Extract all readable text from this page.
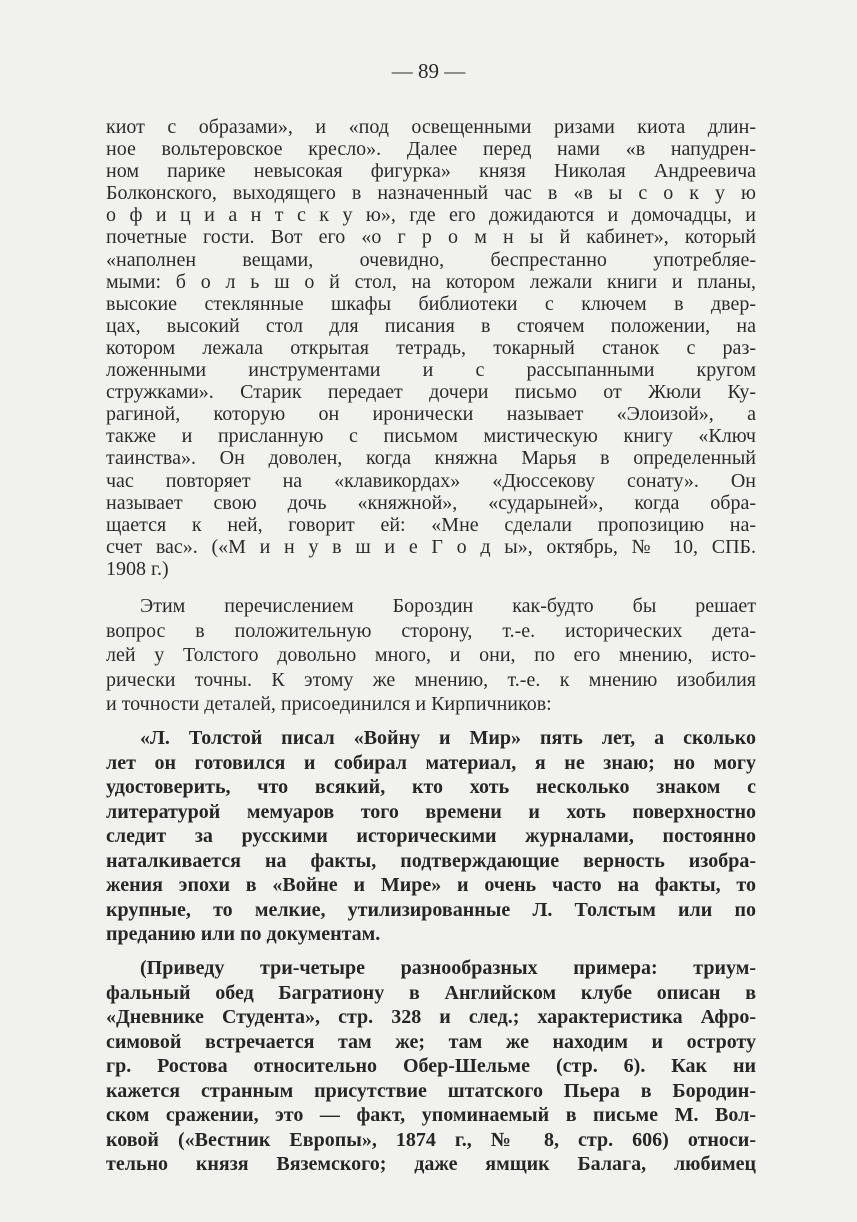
— 89 —
киот с образами», и «под освещенными ризами киота длин-
ное вольтеровское кресло». Далее перед нами «в напудрен-
ном парике невысокая фигурка» князя Николая Андреевича
Болконского, выходящего в назначенный час в «в ы с о к у ю
о ф и ц и а н т с к у ю», где его дожидаются и домочадцы, и
почетные гости. Вот его «о г р о м н ы й кабинет», который
«наполнен вещами, очевидно, беспрестанно употребляе-
мыми: б о л ь ш о й стол, на котором лежали книги и планы,
высокие стеклянные шкафы библиотеки с ключем в двер-
цах, высокий стол для писания в стоячем положении, на
котором лежала открытая тетрадь, токарный станок с раз-
ложенными инструментами и с рассыпанными кругом
стружками». Старик передает дочери письмо от Жюли Ку-
рагиной, которую он иронически называет «Элоизой», а
также и присланную с письмом мистическую книгу «Ключ
таинства». Он доволен, когда княжна Марья в определенный
час повторяет на «клавикордах» «Дюссекову сонату». Он
называет свою дочь «княжной», «сударыней», когда обра-
щается к ней, говорит ей: «Мне сделали пропозицию на-
счет вас». («М и н у в ш и е Г о д ы», октябрь, № 10, СПБ.
1908 г.)
Этим перечислением Бороздин как-будто бы решает
вопрос в положительную сторону, т.-е. исторических дета-
лей у Толстого довольно много, и они, по его мнению, исто-
рически точны. К этому же мнению, т.-е. к мнению изобилия
и точности деталей, присоединился и Кирпичников:
«Л. Толстой писал «Войну и Мир» пять лет, а сколько
лет он готовился и собирал материал, я не знаю; но могу
удостоверить, что всякий, кто хоть несколько знаком с
литературой мемуаров того времени и хоть поверхностно
следит за русскими историческими журналами, постоянно
наталкивается на факты, подтверждающие верность изобра-
жения эпохи в «Войне и Мире» и очень часто на факты, то
крупные, то мелкие, утилизированные Л. Толстым или по
преданию или по документам.
(Приведу три-четыре разнообразных примера: триум-
фальный обед Багратиону в Английском клубе описан в
«Дневнике Студента», стр. 328 и след.; характеристика Афро-
симовой встречается там же; там же находим и остроту
гр. Ростова относительно Обер-Шельме (стр. 6). Как ни
кажется странным присутствие штатского Пьера в Бородин-
ском сражении, это — факт, упоминаемый в письме М. Вол-
ковой («Вестник Европы», 1874 г., № 8, стр. 606) относи-
тельно князя Вяземского; даже ямщик Балага, любимец
